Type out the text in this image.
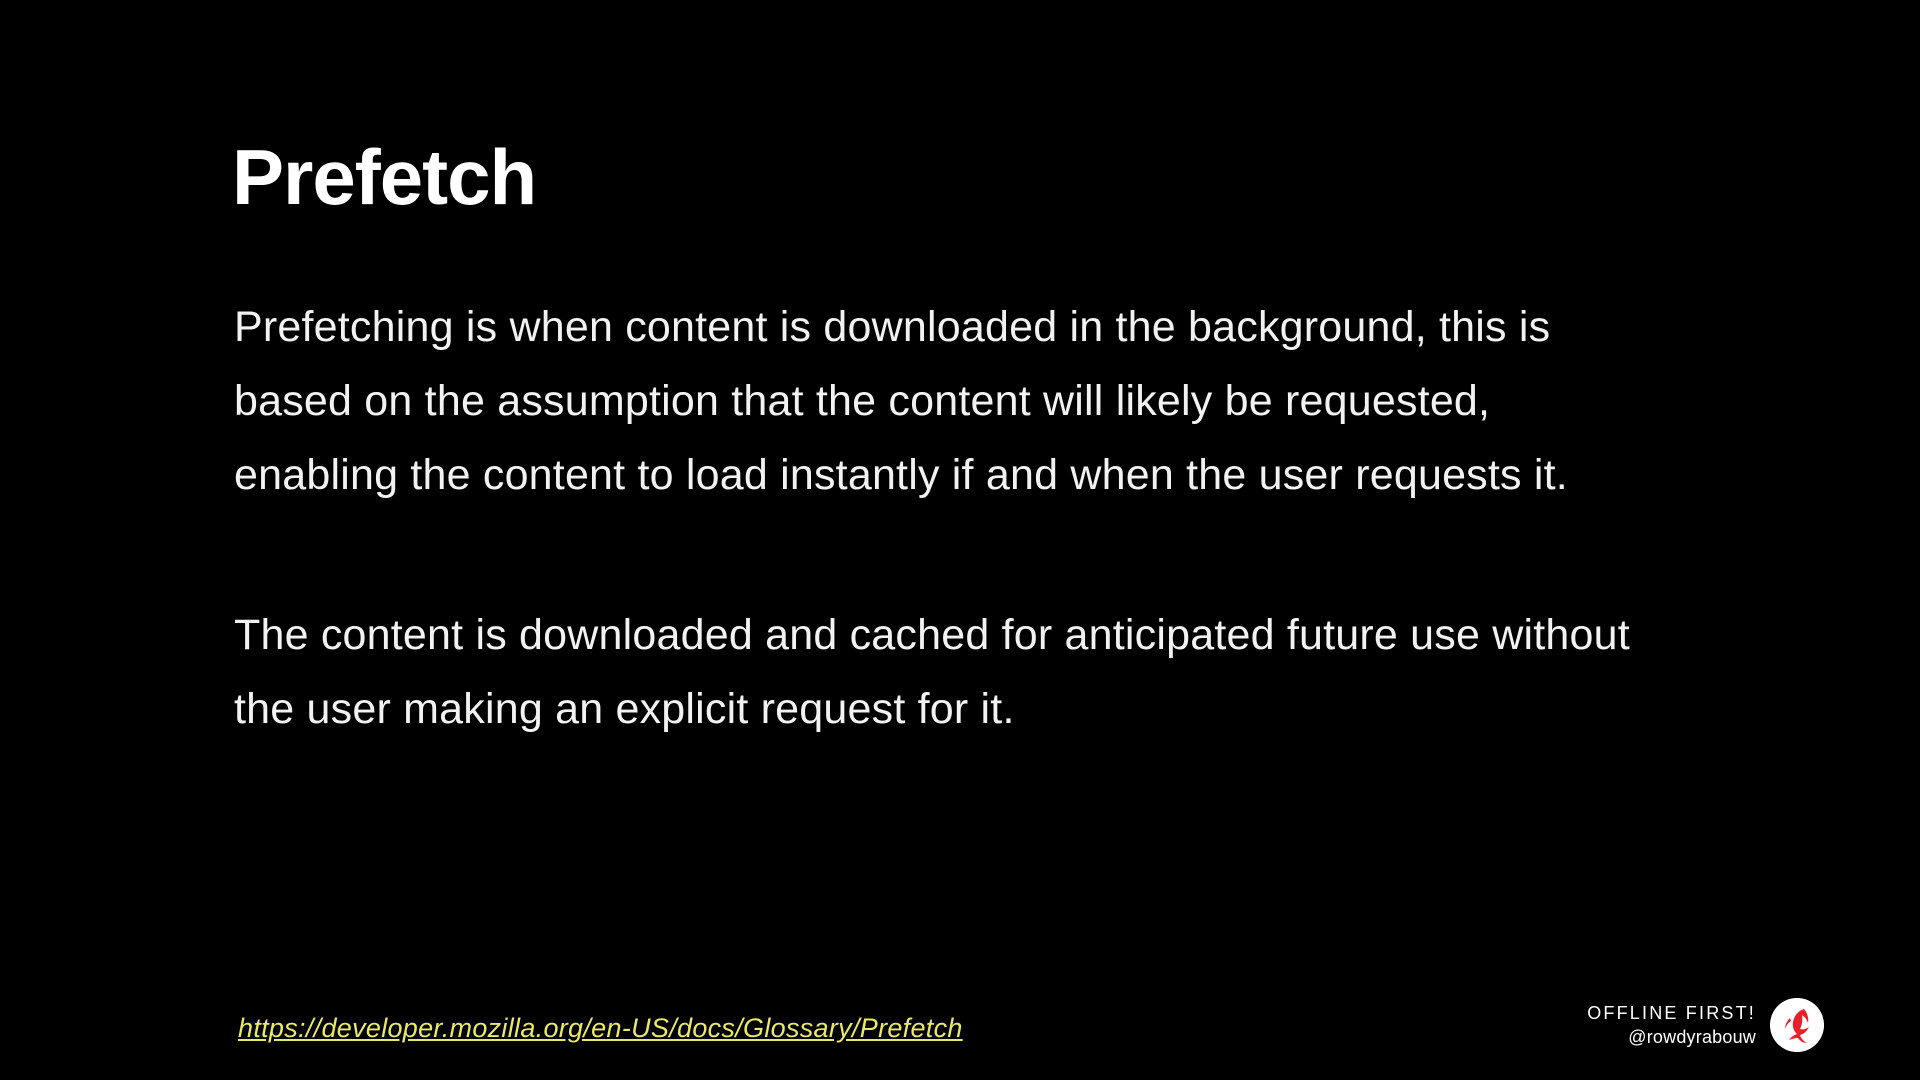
Prefetch

Prefetching is when content is downloaded in the background, this is based on the assumption that the content will likely be requested, enabling the content to load instantly if and when the user requests it.

The content is downloaded and cached for anticipated future use without the user making an explicit request for it.

https://developer.mozilla.org/en-US/docs/Glossary/Prefetch
OFFLINE FIRST!
@rowdyrabouw
